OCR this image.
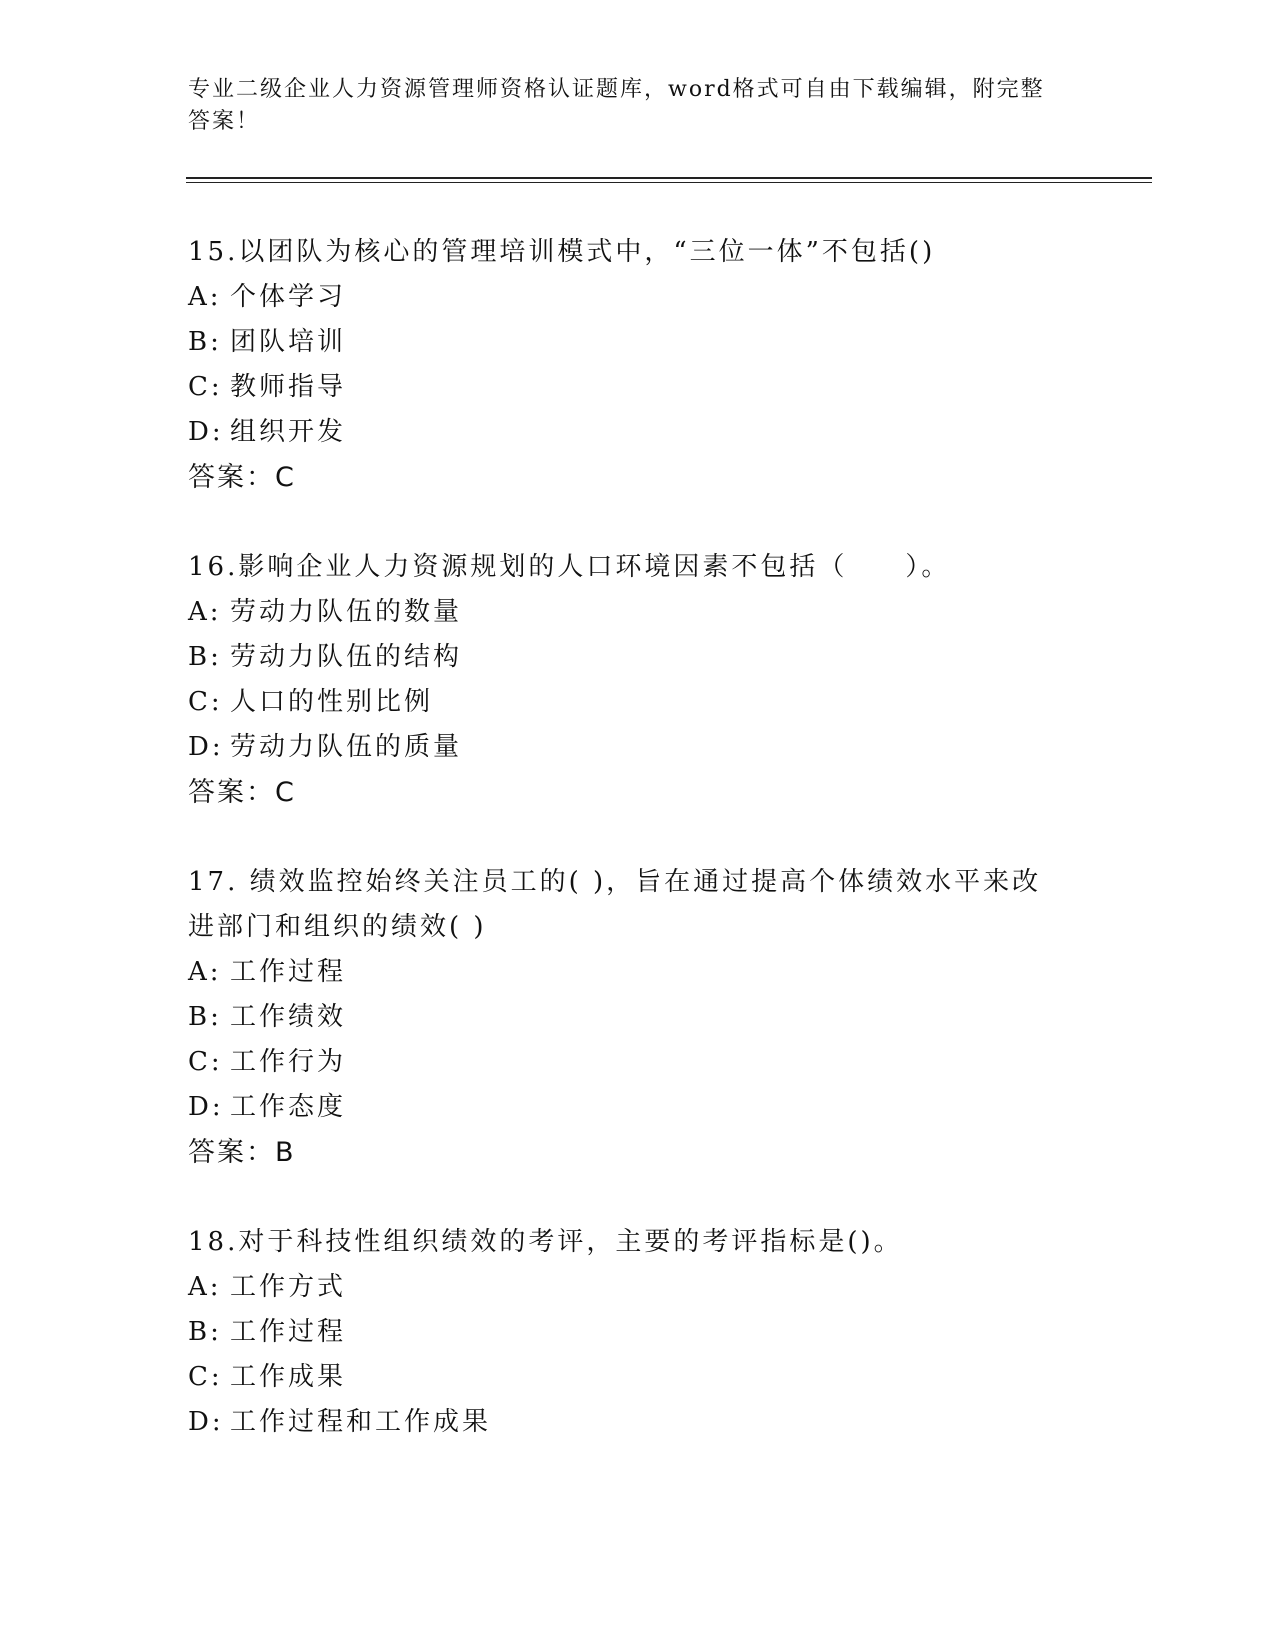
专业二级企业人力资源管理师资格认证题库，word格式可自由下载编辑，附完整答案！
15.以团队为核心的管理培训模式中，“三位一体”不包括()
A: 个体学习
B: 团队培训
C: 教师指导
D: 组织开发
答案：C
16.影响企业人力资源规划的人口环境因素不包括（　　）。
A: 劳动力队伍的数量
B: 劳动力队伍的结构
C: 人口的性别比例
D: 劳动力队伍的质量
答案：C
17. 绩效监控始终关注员工的( )，旨在通过提高个体绩效水平来改进部门和组织的绩效( )
A: 工作过程
B: 工作绩效
C: 工作行为
D: 工作态度
答案：B
18.对于科技性组织绩效的考评，主要的考评指标是()。
A: 工作方式
B: 工作过程
C: 工作成果
D: 工作过程和工作成果
